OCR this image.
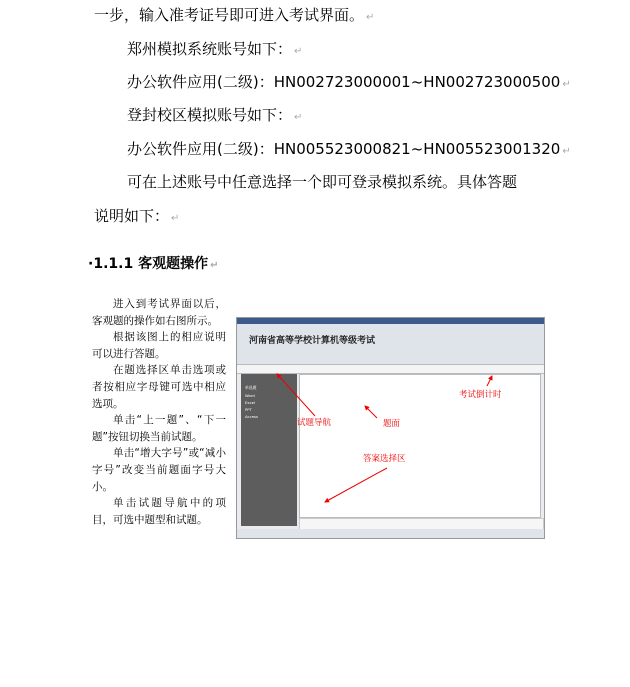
一步，输入准考证号即可进入考试界面。 ↵
郑州模拟系统账号如下： ↵
办公软件应用(二级)：HN002723000001~HN002723000500 ↵
登封校区模拟账号如下： ↵
办公软件应用(二级)：HN005523000821~HN005523001320 ↵
可在上述账号中任意选择一个即可登录模拟系统。具体答题
说明如下： ↵
·1.1.1 客观题操作 ↵

进入到考试界面以后，客观题的操作如右图所示。

根据该图上的相应说明可以进行答题。

在题选择区单击选项或者按相应字母键可选中相应选项。

单击“上一题”、“下一题”按钮切换当前试题。

单击“增大字号”或“减小字号”改变当前题面字号大小。

单击试题导航中的项目，可选中题型和试题。

河南省高等学校计算机等级考试
单选题
Word
Excel
PPT
Access
试题导航	题面
考试倒计时
答案选择区
